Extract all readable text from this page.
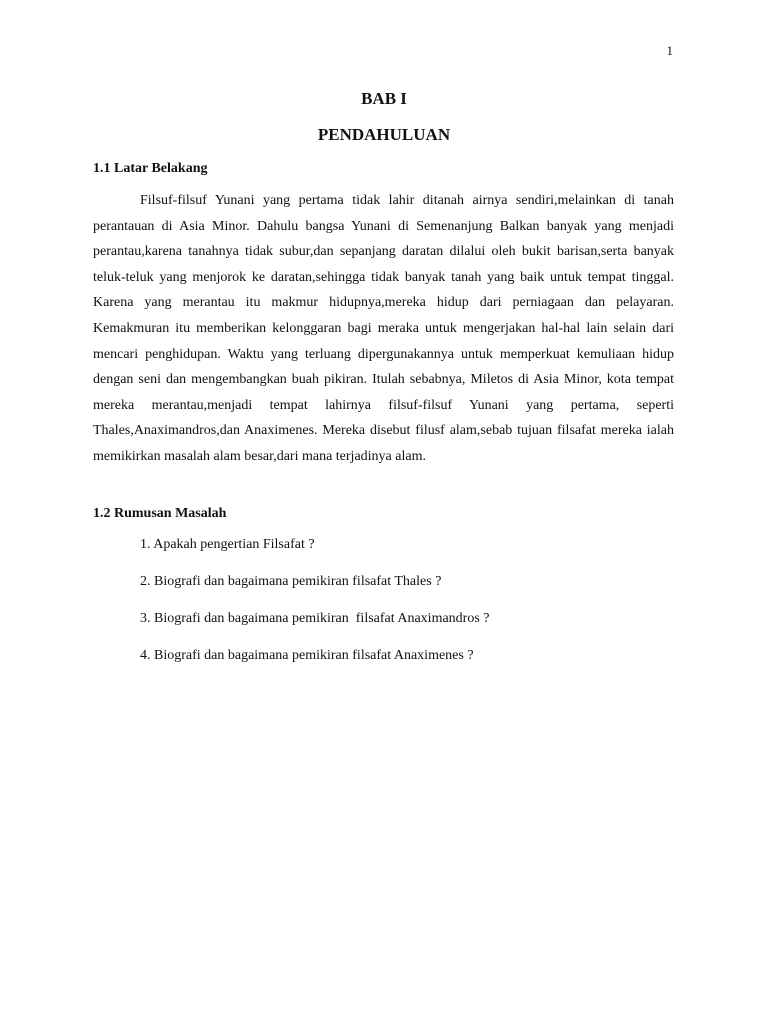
1
BAB I
PENDAHULUAN
1.1 Latar Belakang

Filsuf-filsuf Yunani yang pertama tidak lahir ditanah airnya sendiri,melainkan di tanah perantauan di Asia Minor. Dahulu bangsa Yunani di Semenanjung Balkan banyak yang menjadi perantau,karena tanahnya tidak subur,dan sepanjang daratan dilalui oleh bukit barisan,serta banyak teluk-teluk yang menjorok ke daratan,sehingga tidak banyak tanah yang baik untuk tempat tinggal. Karena yang merantau itu makmur hidupnya,mereka hidup dari perniagaan dan pelayaran. Kemakmuran itu memberikan kelonggaran bagi meraka untuk mengerjakan hal-hal lain selain dari mencari penghidupan. Waktu yang terluang dipergunakannya untuk memperkuat kemuliaan hidup dengan seni dan mengembangkan buah pikiran. Itulah sebabnya, Miletos di Asia Minor, kota tempat mereka merantau,menjadi tempat lahirnya filsuf-filsuf Yunani yang pertama, seperti Thales,Anaximandros,dan Anaximenes. Mereka disebut filusf alam,sebab tujuan filsafat mereka ialah memikirkan masalah alam besar,dari mana terjadinya alam.

1.2 Rumusan Masalah
1. Apakah pengertian Filsafat ?
2. Biografi dan bagaimana pemikiran filsafat Thales ?
3. Biografi dan bagaimana pemikiran  filsafat Anaximandros ?
4. Biografi dan bagaimana pemikiran filsafat Anaximenes ?
